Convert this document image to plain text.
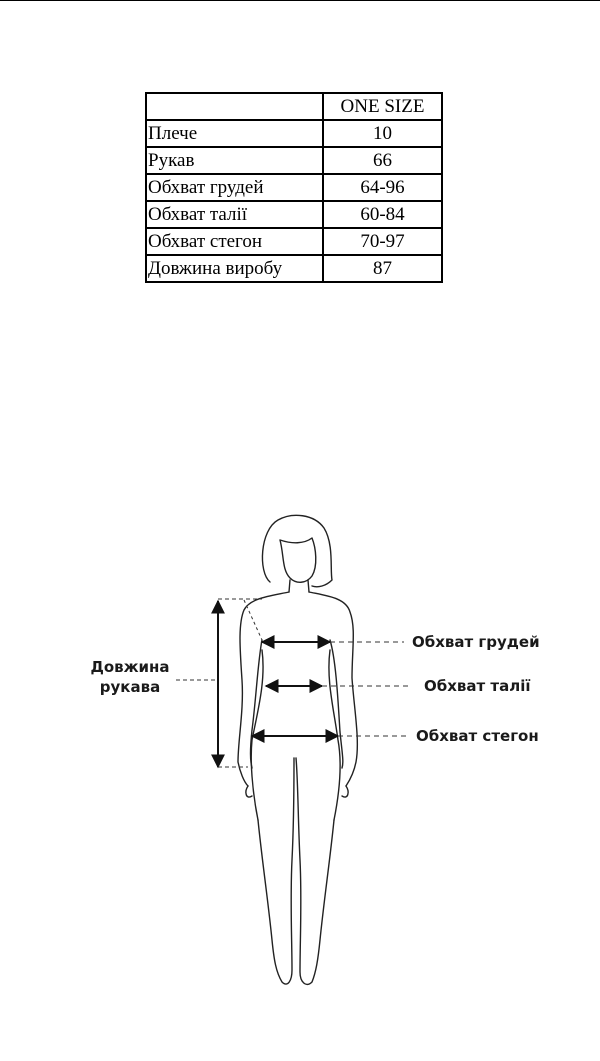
	ONE SIZE
Плече	10
Рукав	66
Обхват грудей	64-96
Обхват талії	60-84
Обхват стегон	70-97
Довжина виробу	87
Довжина
рукава
Обхват грудей
Обхват талії
Обхват стегон
